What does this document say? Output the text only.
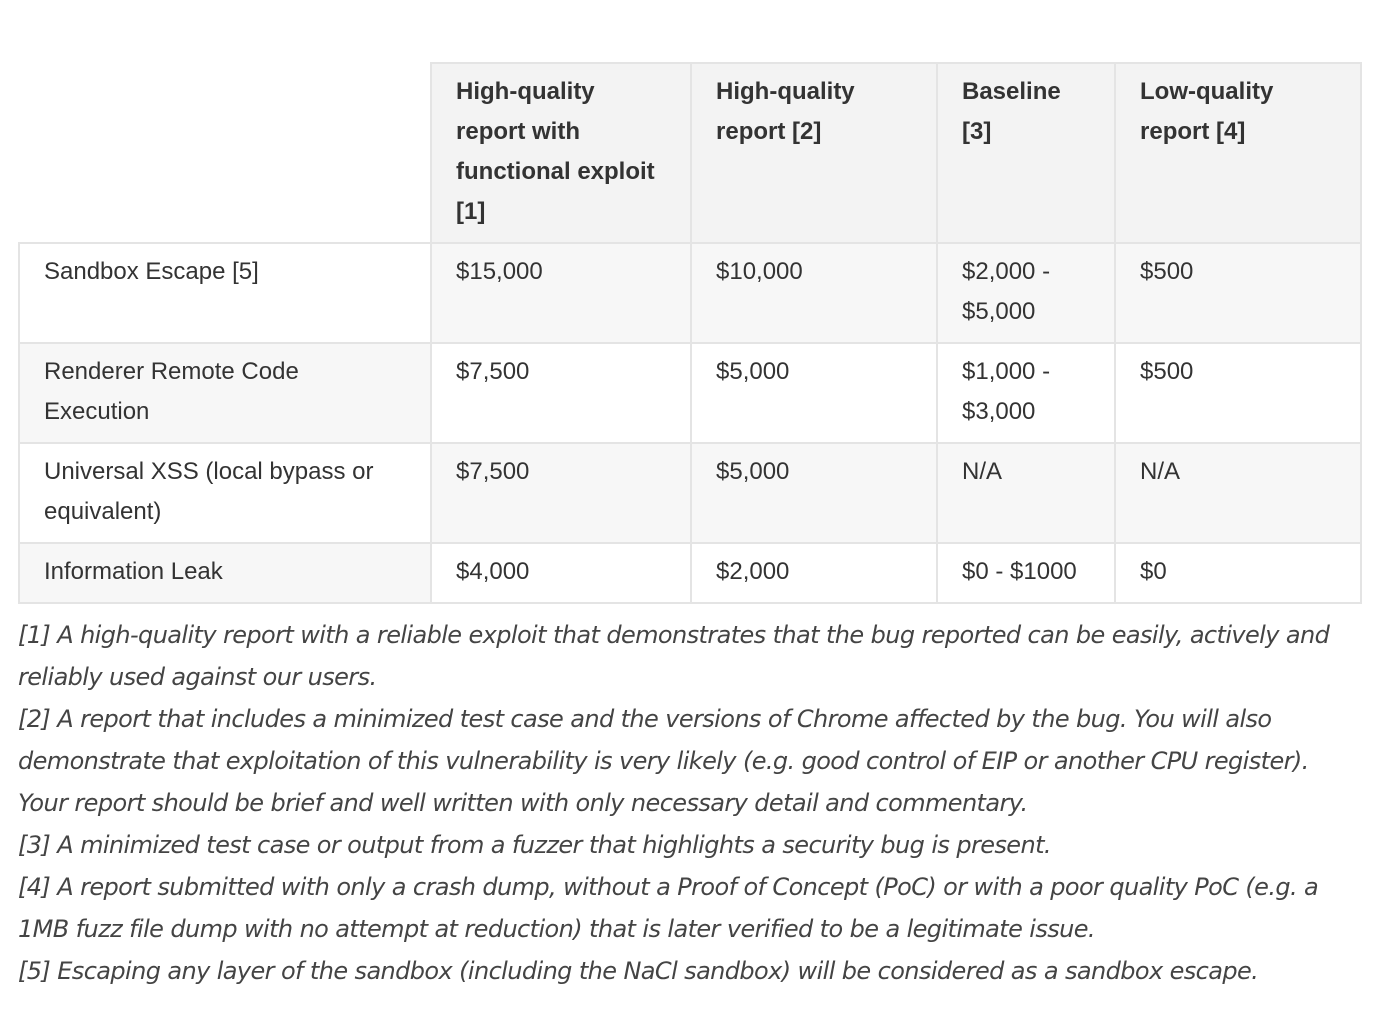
	High-quality report with functional exploit [1]	High-quality report [2]	Baseline [3]	Low-quality report [4]
Sandbox Escape [5]	$15,000	$10,000	$2,000 - $5,000	$500
Renderer Remote Code Execution	$7,500	$5,000	$1,000 - $3,000	$500
Universal XSS (local bypass or equivalent)	$7,500	$5,000	N/A	N/A
Information Leak	$4,000	$2,000	$0 - $1000	$0

[1] A high-quality report with a reliable exploit that demonstrates that the bug reported can be easily, actively and reliably used against our users.

[2] A report that includes a minimized test case and the versions of Chrome affected by the bug. You will also demonstrate that exploitation of this vulnerability is very likely (e.g. good control of EIP or another CPU register). Your report should be brief and well written with only necessary detail and commentary.

[3] A minimized test case or output from a fuzzer that highlights a security bug is present.

[4] A report submitted with only a crash dump, without a Proof of Concept (PoC) or with a poor quality PoC (e.g. a 1MB fuzz file dump with no attempt at reduction) that is later verified to be a legitimate issue.

[5] Escaping any layer of the sandbox (including the NaCl sandbox) will be considered as a sandbox escape.
